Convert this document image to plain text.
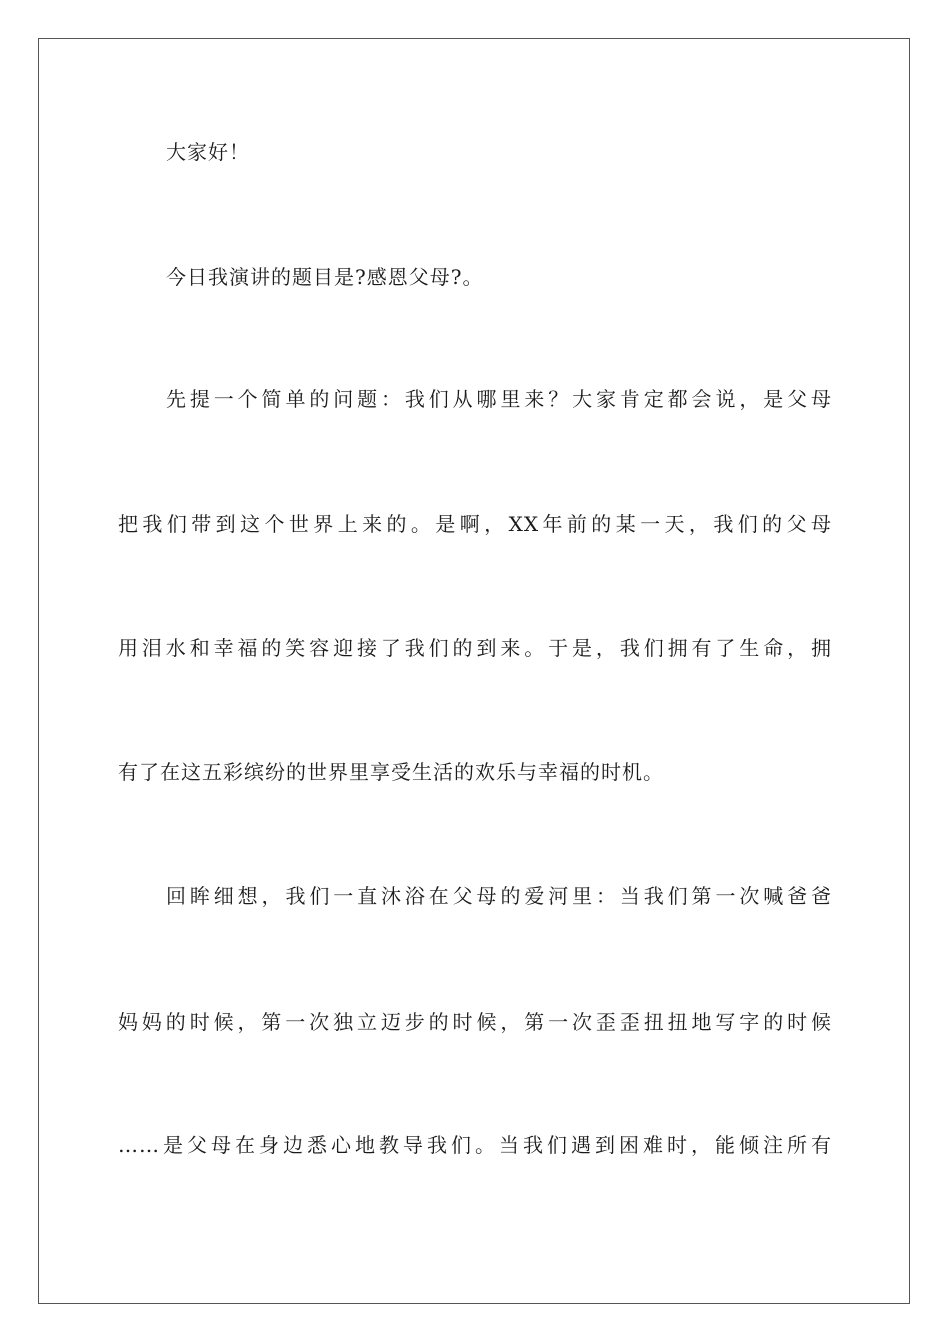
大家好！
今日我演讲的题目是?感恩父母?。
先提一个简单的问题：我们从哪里来？大家肯定都会说，是父母
把我们带到这个世界上来的。是啊，XX年前的某一天，我们的父母
用泪水和幸福的笑容迎接了我们的到来。于是，我们拥有了生命，拥
有了在这五彩缤纷的世界里享受生活的欢乐与幸福的时机。
回眸细想，我们一直沐浴在父母的爱河里：当我们第一次喊爸爸
妈妈的时候，第一次独立迈步的时候，第一次歪歪扭扭地写字的时候
……是父母在身边悉心地教导我们。当我们遇到困难时，能倾注所有
